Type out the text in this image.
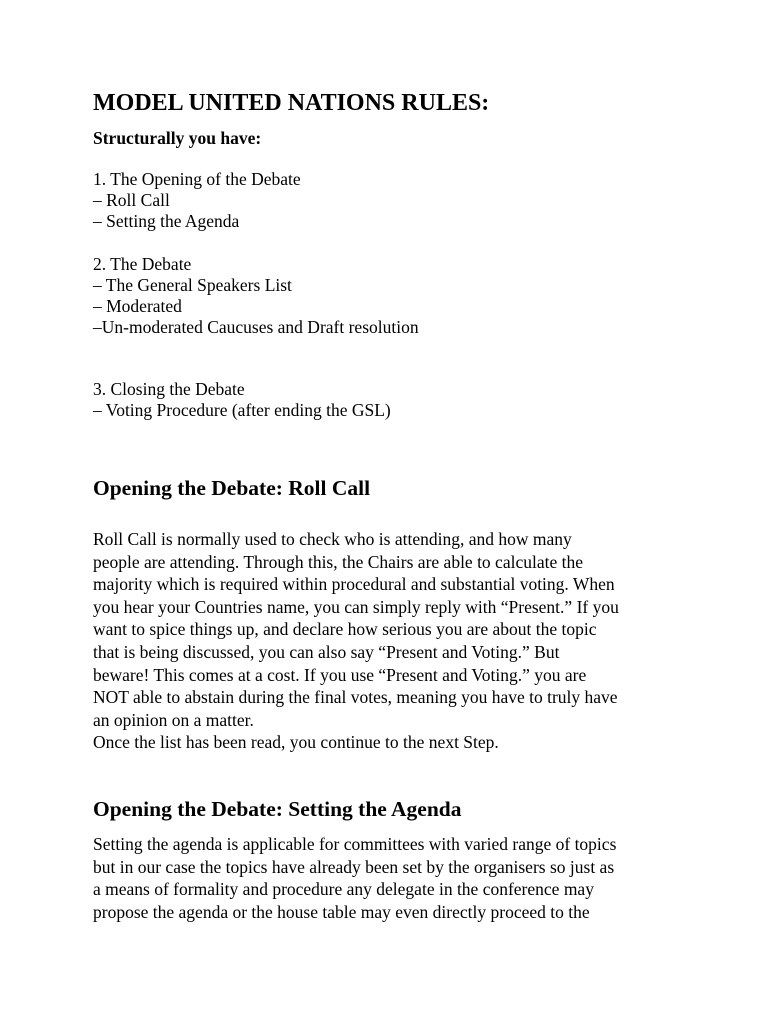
MODEL UNITED NATIONS RULES:
Structurally you have:
1. The Opening of the Debate
– Roll Call
– Setting the Agenda
2. The Debate
– The General Speakers List
– Moderated
–Un-moderated Caucuses and Draft resolution
3. Closing the Debate
– Voting Procedure (after ending the GSL)
Opening the Debate: Roll Call
Roll Call is normally used to check who is attending, and how many
people are attending. Through this, the Chairs are able to calculate the
majority which is required within procedural and substantial voting. When
you hear your Countries name, you can simply reply with “Present.” If you
want to spice things up, and declare how serious you are about the topic
that is being discussed, you can also say “Present and Voting.” But
beware! This comes at a cost. If you use “Present and Voting.” you are
NOT able to abstain during the final votes, meaning you have to truly have
an opinion on a matter.
Once the list has been read, you continue to the next Step.
Opening the Debate: Setting the Agenda
Setting the agenda is applicable for committees with varied range of topics
but in our case the topics have already been set by the organisers so just as
a means of formality and procedure any delegate in the conference may
propose the agenda or the house table may even directly proceed to the
